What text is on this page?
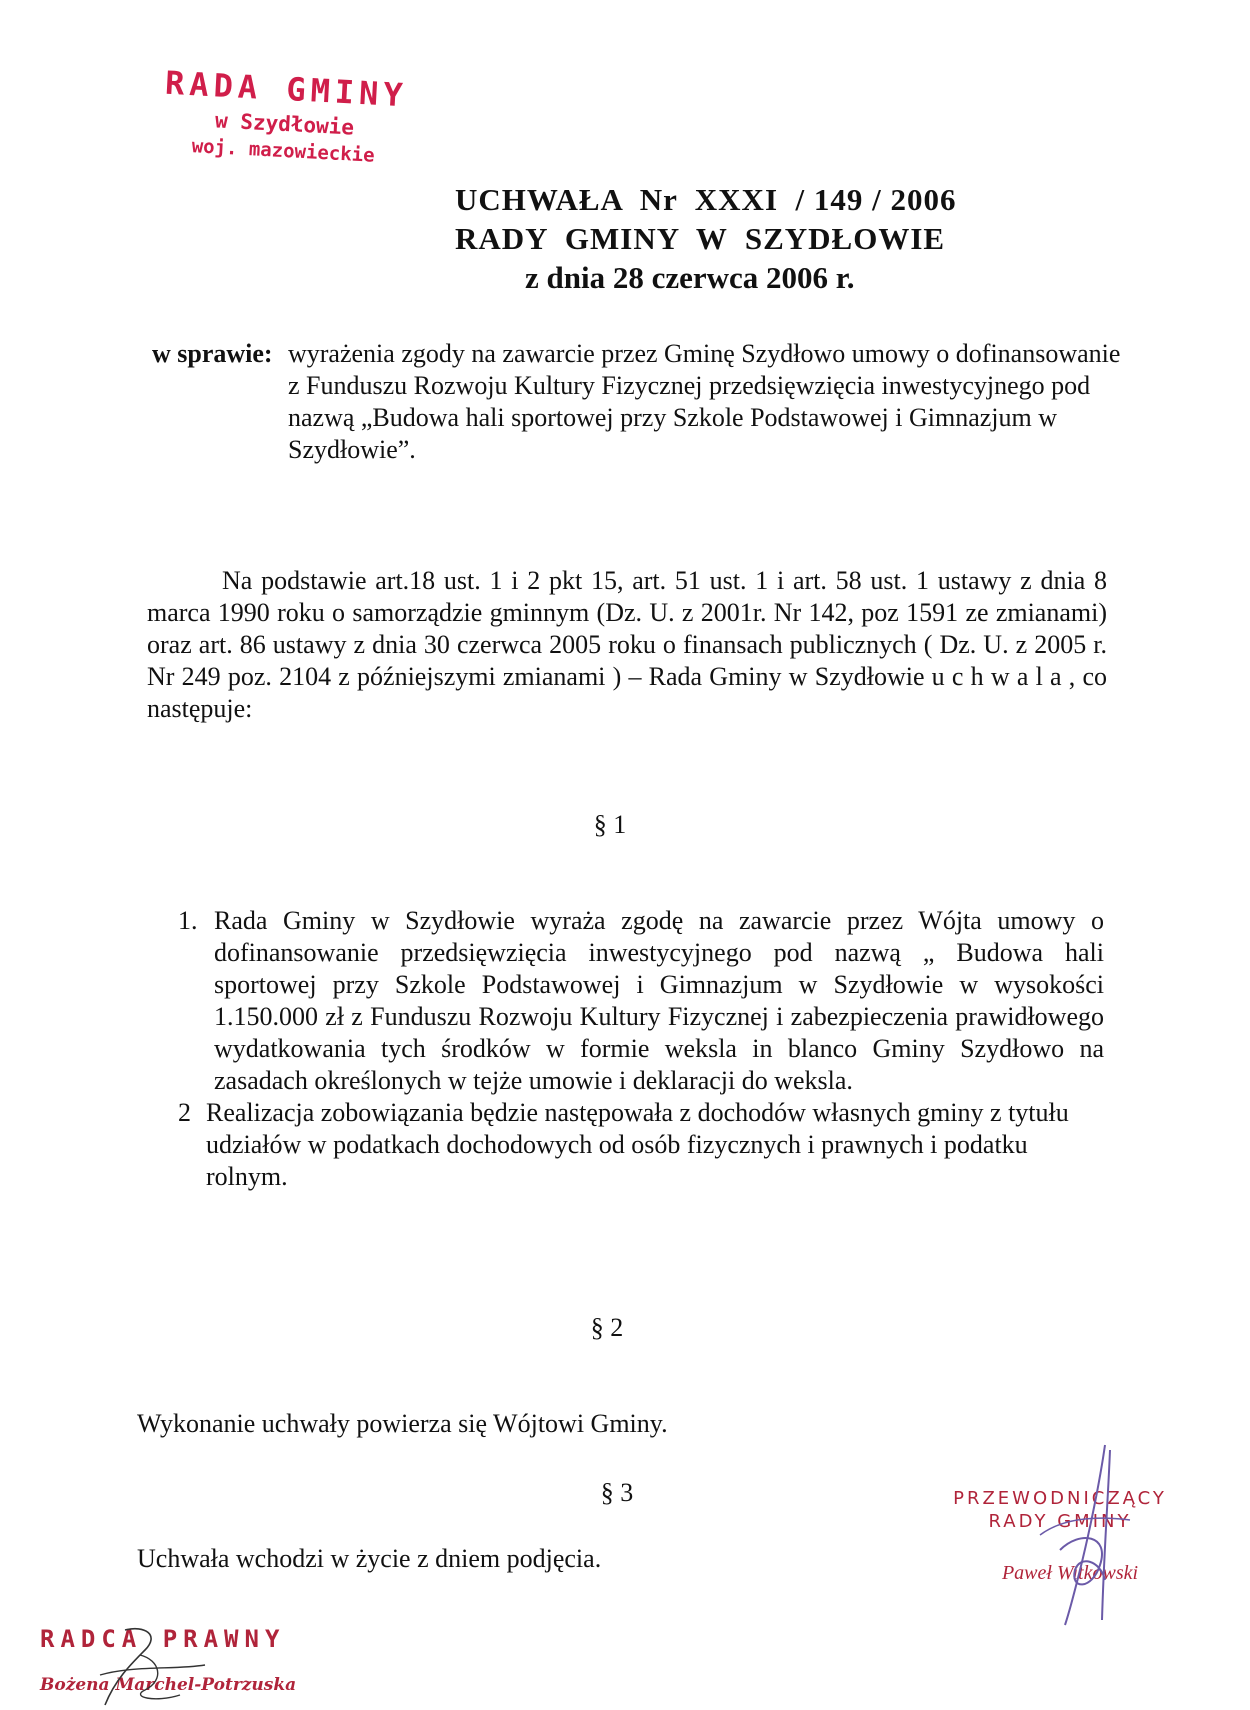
RADA GMINY
w Szydłowie
woj. mazowieckie
UCHWAŁA  Nr  XXXI  / 149 / 2006
RADY  GMINY  W  SZYDŁOWIE
z dnia 28 czerwca 2006 r.
w sprawie: wyrażenia zgody na zawarcie przez Gminę Szydłowo umowy o dofinansowanie z Funduszu Rozwoju Kultury Fizycznej przedsięwzięcia inwestycyjnego pod nazwą „Budowa hali sportowej przy Szkole Podstawowej i Gimnazjum w Szydłowie”.
Na podstawie art.18 ust. 1 i 2 pkt 15, art. 51 ust. 1 i art. 58 ust. 1 ustawy z dnia 8 marca 1990 roku o samorządzie gminnym (Dz. U. z 2001r. Nr 142, poz 1591 ze zmianami) oraz art. 86 ustawy z dnia 30 czerwca 2005 roku o finansach publicznych ( Dz. U. z 2005 r. Nr 249 poz. 2104 z późniejszymi zmianami ) – Rada Gminy w Szydłowie u c h w a l a , co następuje:
§ 1
1. Rada Gminy w Szydłowie wyraża zgodę na zawarcie przez Wójta umowy o dofinansowanie przedsięwzięcia inwestycyjnego pod nazwą „ Budowa hali sportowej przy Szkole Podstawowej i Gimnazjum w Szydłowie w wysokości 1.150.000 zł z Funduszu Rozwoju Kultury Fizycznej i zabezpieczenia prawidłowego wydatkowania tych środków w formie weksla in blanco Gminy Szydłowo na zasadach określonych w tejże umowie i deklaracji do weksla.
2 Realizacja zobowiązania będzie następowała z dochodów własnych gminy z tytułu udziałów w podatkach dochodowych od osób fizycznych i prawnych i podatku rolnym.
§ 2
Wykonanie uchwały powierza się Wójtowi Gminy.
§ 3
Uchwała wchodzi w życie z dniem podjęcia.
PRZEWODNICZĄCY
RADY GMINY
Paweł Witkowski
RADCA PRAWNY
Bożena Marchel-Potrzuska
